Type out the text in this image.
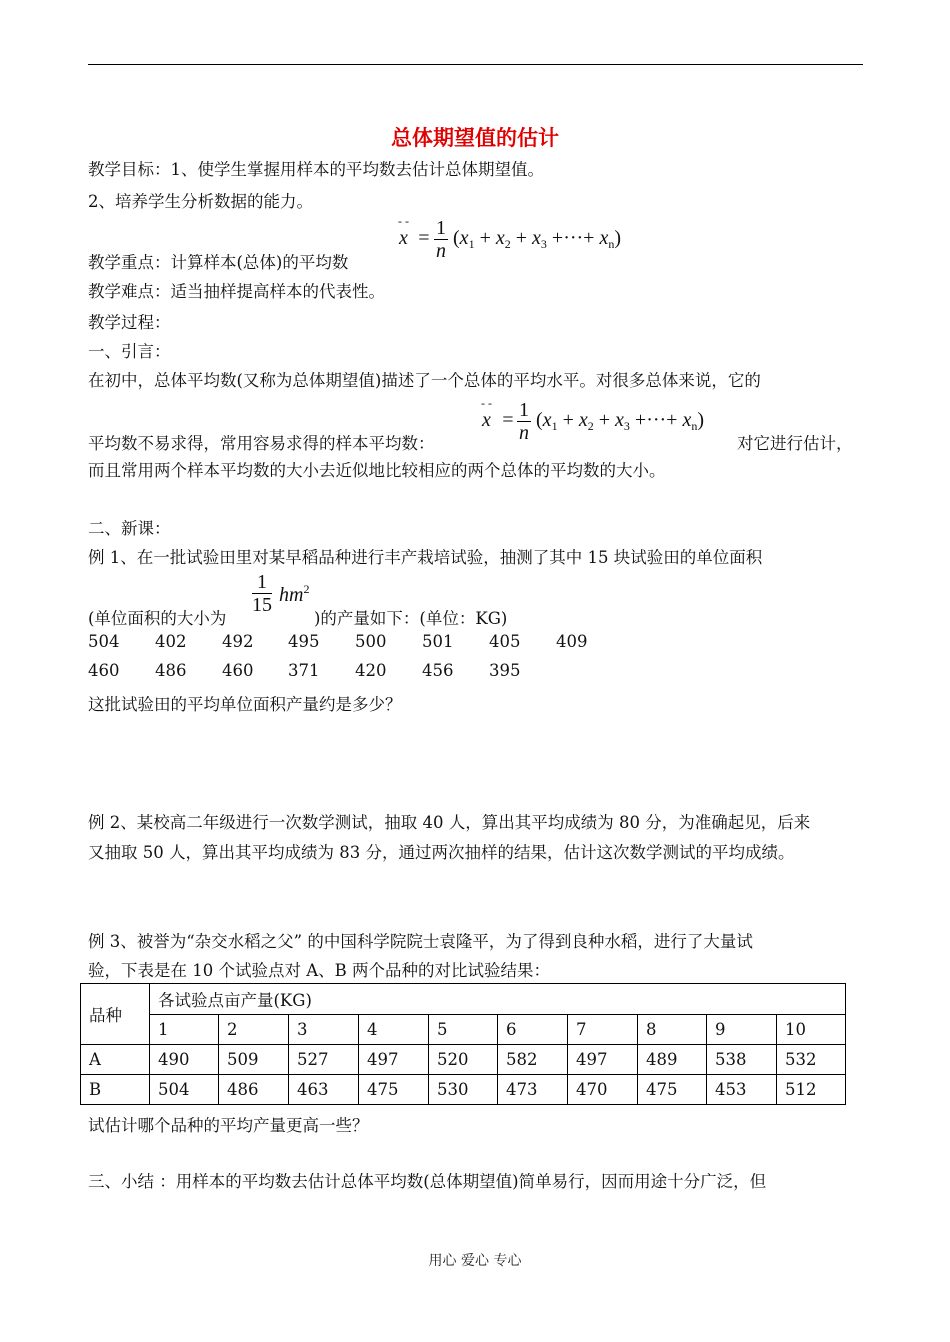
总体期望值的估计
教学目标：1、使学生掌握用样本的平均数去估计总体期望值。
2、培养学生分析数据的能力。
- -
$x = \frac{1}{n} (x_1 + x_2 + x_3$ +···+ $x_n$)
教学重点：计算样本(总体)的平均数
教学难点：适当抽样提高样本的代表性。
教学过程：
一、引言：
在初中，总体平均数(又称为总体期望值)描述了一个总体的平均水平。对很多总体来说，它的
- -
$x = \frac{1}{n} (x_1 + x_2 + x_3$ +···+ $x_n$)
平均数不易求得，常用容易求得的样本平均数：	对它进行估计，
而且常用两个样本平均数的大小去近似地比较相应的两个总体的平均数的大小。
二、新课：
例 1、在一批试验田里对某早稻品种进行丰产栽培试验，抽测了其中 15 块试验田的单位面积
$\frac{1}{15} hm^2$
(单位面积的大小为	)的产量如下：(单位：KG)
504 402 492 495 500 501 405 409
460 486 460 371 420 456 395
这批试验田的平均单位面积产量约是多少？
例 2、某校高二年级进行一次数学测试，抽取 40 人，算出其平均成绩为 80 分，为准确起见，后来
又抽取 50 人，算出其平均成绩为 83 分，通过两次抽样的结果，估计这次数学测试的平均成绩。
例 3、被誉为“杂交水稻之父” 的中国科学院院士袁隆平，为了得到良种水稻，进行了大量试
验，下表是在 10 个试验点对 A、B 两个品种的对比试验结果：
品种	各试验点亩产量(KG)									
	1	2	3	4	5	6	7	8	9	10
A	490	509	527	497	520	582	497	489	538	532
B	504	486	463	475	530	473	470	475	453	512
试估计哪个品种的平均产量更高一些？
三、小结 ：用样本的平均数去估计总体平均数(总体期望值)简单易行，因而用途十分广泛，但
用心 爱心 专心
